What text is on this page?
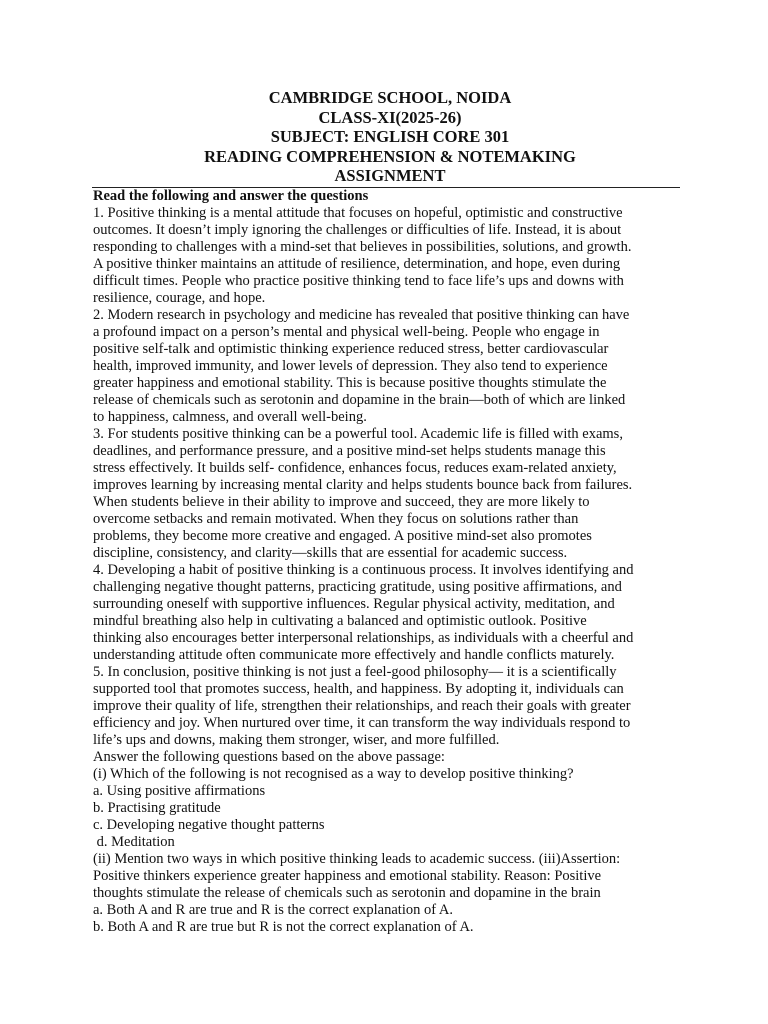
CAMBRIDGE SCHOOL, NOIDA
CLASS-XI(2025-26)
SUBJECT: ENGLISH CORE 301
READING COMPREHENSION & NOTEMAKING
ASSIGNMENT
Read the following and answer the questions
1. Positive thinking is a mental attitude that focuses on hopeful, optimistic and constructive
outcomes. It doesn’t imply ignoring the challenges or difficulties of life. Instead, it is about
responding to challenges with a mind-set that believes in possibilities, solutions, and growth.
A positive thinker maintains an attitude of resilience, determination, and hope, even during
difficult times. People who practice positive thinking tend to face life’s ups and downs with
resilience, courage, and hope.
2. Modern research in psychology and medicine has revealed that positive thinking can have
a profound impact on a person’s mental and physical well-being. People who engage in
positive self-talk and optimistic thinking experience reduced stress, better cardiovascular
health, improved immunity, and lower levels of depression. They also tend to experience
greater happiness and emotional stability. This is because positive thoughts stimulate the
release of chemicals such as serotonin and dopamine in the brain—both of which are linked
to happiness, calmness, and overall well-being.
3. For students positive thinking can be a powerful tool. Academic life is filled with exams,
deadlines, and performance pressure, and a positive mind-set helps students manage this
stress effectively. It builds self- confidence, enhances focus, reduces exam-related anxiety,
improves learning by increasing mental clarity and helps students bounce back from failures.
When students believe in their ability to improve and succeed, they are more likely to
overcome setbacks and remain motivated. When they focus on solutions rather than
problems, they become more creative and engaged. A positive mind-set also promotes
discipline, consistency, and clarity—skills that are essential for academic success.
4. Developing a habit of positive thinking is a continuous process. It involves identifying and
challenging negative thought patterns, practicing gratitude, using positive affirmations, and
surrounding oneself with supportive influences. Regular physical activity, meditation, and
mindful breathing also help in cultivating a balanced and optimistic outlook. Positive
thinking also encourages better interpersonal relationships, as individuals with a cheerful and
understanding attitude often communicate more effectively and handle conflicts maturely.
5. In conclusion, positive thinking is not just a feel-good philosophy— it is a scientifically
supported tool that promotes success, health, and happiness. By adopting it, individuals can
improve their quality of life, strengthen their relationships, and reach their goals with greater
efficiency and joy. When nurtured over time, it can transform the way individuals respond to
life’s ups and downs, making them stronger, wiser, and more fulfilled.
Answer the following questions based on the above passage:
(i) Which of the following is not recognised as a way to develop positive thinking?
a. Using positive affirmations
b. Practising gratitude
c. Developing negative thought patterns
d. Meditation
(ii) Mention two ways in which positive thinking leads to academic success. (iii)Assertion:
Positive thinkers experience greater happiness and emotional stability. Reason: Positive
thoughts stimulate the release of chemicals such as serotonin and dopamine in the brain
a. Both A and R are true and R is the correct explanation of A.
b. Both A and R are true but R is not the correct explanation of A.
